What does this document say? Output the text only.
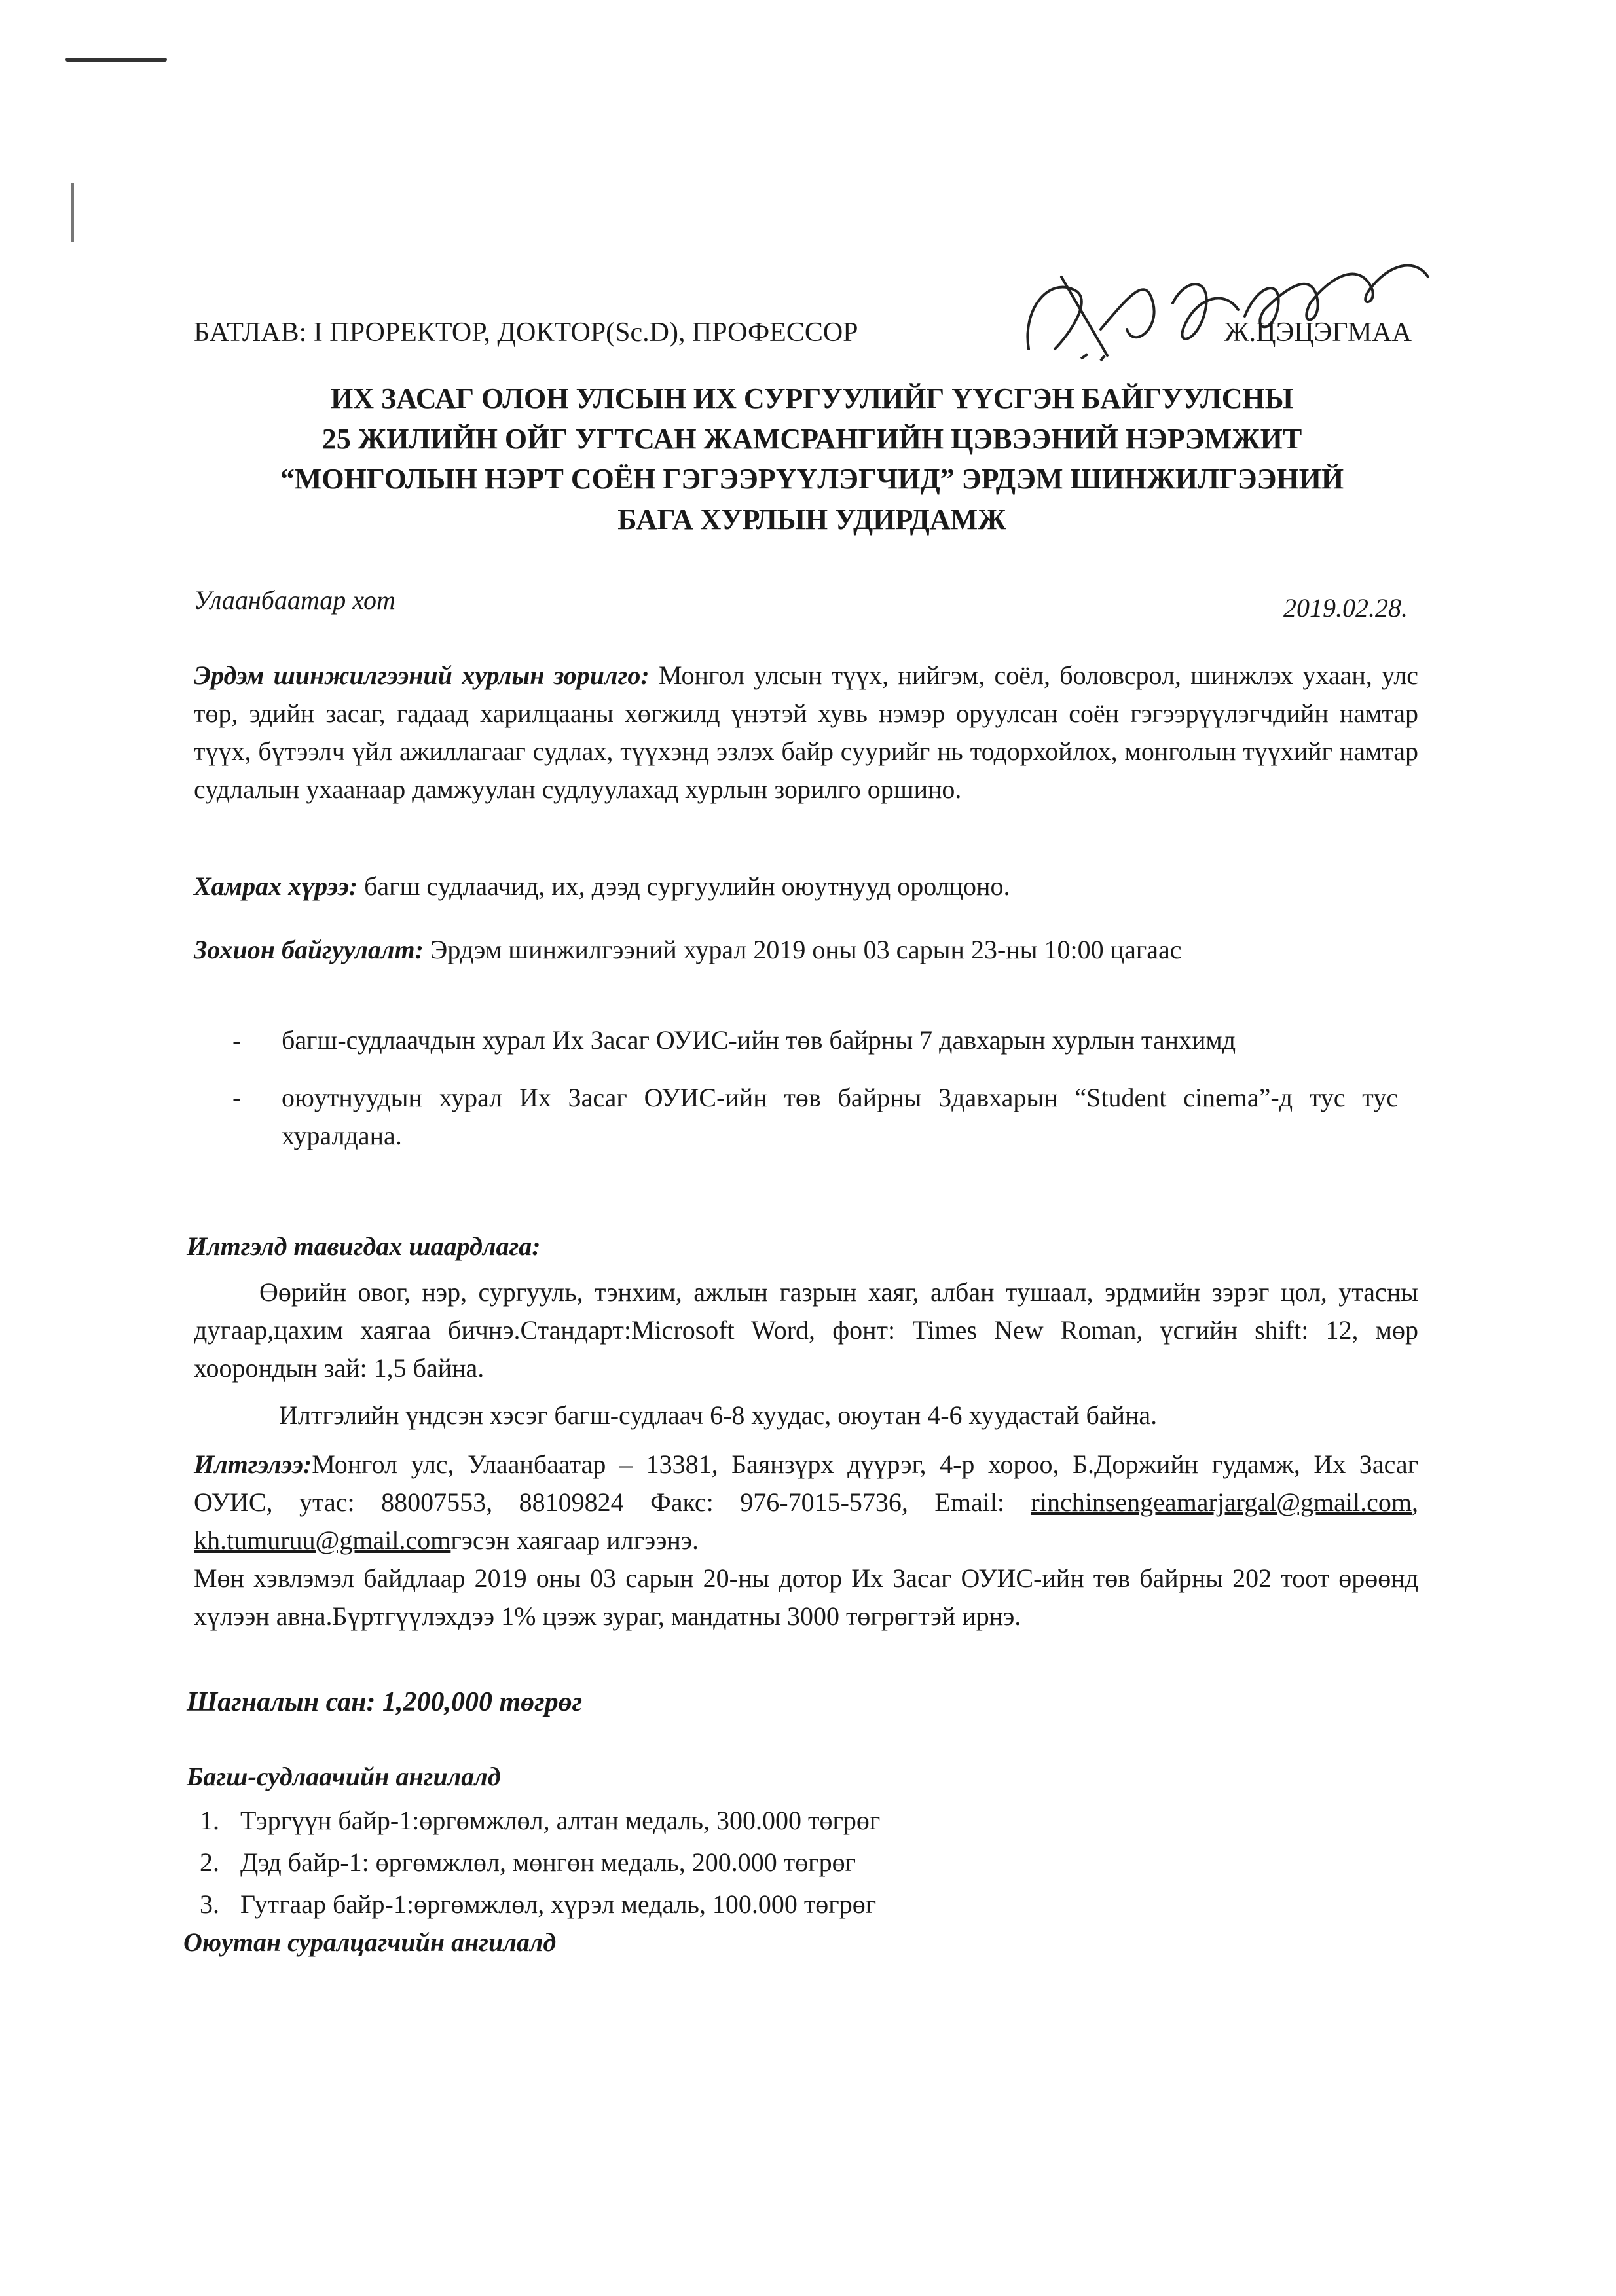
БАТЛАВ: I ПРОРЕКТОР, ДОКТОР(Sc.D), ПРОФЕССОР	Ж.ЦЭЦЭГМАА
ИХ ЗАСАГ ОЛОН УЛСЫН ИХ СУРГУУЛИЙГ ҮҮСГЭН БАЙГУУЛСНЫ
25 ЖИЛИЙН ОЙГ УГТСАН ЖАМСРАНГИЙН ЦЭВЭЭНИЙ НЭРЭМЖИТ
“МОНГОЛЫН НЭРТ СОЁН ГЭГЭЭРҮҮЛЭГЧИД” ЭРДЭМ ШИНЖИЛГЭЭНИЙ
БАГА ХУРЛЫН УДИРДАМЖ
Улаанбаатар хот	2019.02.28.
Эрдэм шинжилгээний хурлын зорилго: Монгол улсын түүх, нийгэм, соёл, боловсрол, шинжлэх ухаан, улс төр, эдийн засаг, гадаад харилцааны хөгжилд үнэтэй хувь нэмэр оруулсан соён гэгээрүүлэгчдийн намтар түүх, бүтээлч үйл ажиллагааг судлах, түүхэнд эзлэх байр суурийг нь тодорхойлох, монголын түүхийг намтар судлалын ухаанаар дамжуулан судлуулахад хурлын зорилго оршино.
Хамрах хүрээ: багш судлаачид, их, дээд сургуулийн оюутнууд оролцоно.
Зохион байгуулалт: Эрдэм шинжилгээний хурал 2019 оны 03 сарын 23-ны 10:00 цагаас
- багш-судлаачдын хурал Их Засаг ОУИС-ийн төв байрны 7 давхарын хурлын танхимд
- оюутнуудын хурал Их Засаг ОУИС-ийн төв байрны 3давхарын “Student cinema”-д тус тус хуралдана.
Илтгэлд тавигдах шаардлага:
Өөрийн овог, нэр, сургууль, тэнхим, ажлын газрын хаяг, албан тушаал, эрдмийн зэрэг цол, утасны дугаар,цахим хаягаа бичнэ.Стандарт:Microsoft Word, фонт: Times New Roman, үсгийн shift: 12, мөр хоорондын зай: 1,5 байна.
Илтгэлийн үндсэн хэсэг багш-судлаач 6-8 хуудас, оюутан 4-6 хуудастай байна.
Илтгэлээ:Монгол улс, Улаанбаатар – 13381, Баянзүрх дүүрэг, 4-р хороо, Б.Доржийн гудамж, Их Засаг ОУИС, утас: 88007553, 88109824 Факс: 976-7015-5736, Email: rinchinsengeamarjargal@gmail.com, kh.tumuruu@gmail.comгэсэн хаягаар илгээнэ.
Мөн хэвлэмэл байдлаар 2019 оны 03 сарын 20-ны дотор Их Засаг ОУИС-ийн төв байрны 202 тоот өрөөнд хүлээн авна.Бүртгүүлэхдээ 1% цээж зураг, мандатны 3000 төгрөгтэй ирнэ.
Шагналын сан: 1,200,000 төгрөг
Багш-судлаачийн ангилалд
1. Тэргүүн байр-1:өргөмжлөл, алтан медаль, 300.000 төгрөг
2. Дэд байр-1: өргөмжлөл, мөнгөн медаль, 200.000 төгрөг
3. Гутгаар байр-1:өргөмжлөл, хүрэл медаль, 100.000 төгрөг
Оюутан суралцагчийн ангилалд
